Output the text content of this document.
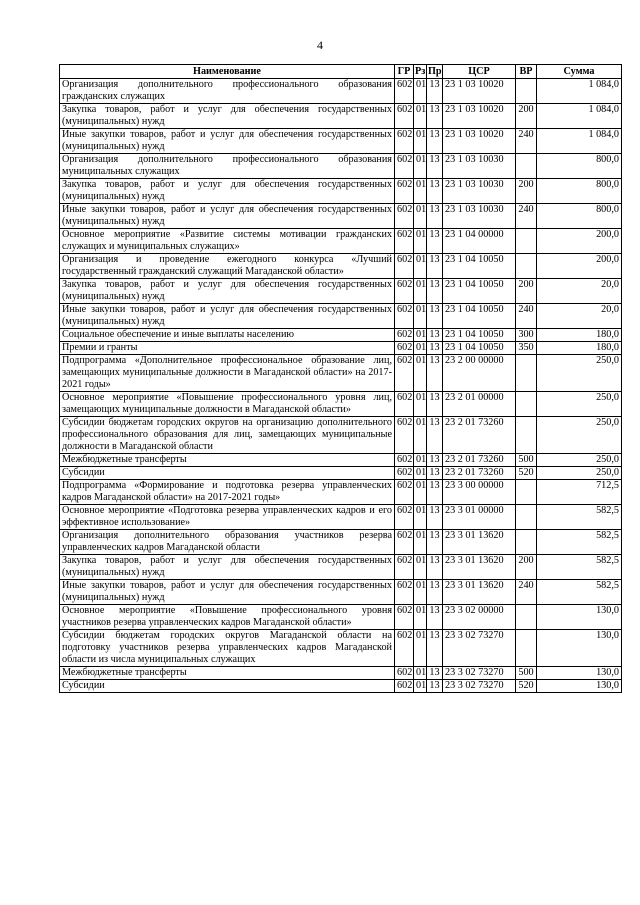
4
Наименование	ГР	Рз	Пр	ЦСР	ВР	Сумма
Организация дополнительного профессионального образования гражданских служащих	602	01	13	23 1 03 10020		1 084,0
Закупка товаров, работ и услуг для обеспечения государственных (муниципальных) нужд	602	01	13	23 1 03 10020	200	1 084,0
Иные закупки товаров, работ и услуг для обеспечения государственных (муниципальных) нужд	602	01	13	23 1 03 10020	240	1 084,0
Организация дополнительного профессионального образования муниципальных служащих	602	01	13	23 1 03 10030		800,0
Закупка товаров, работ и услуг для обеспечения государственных (муниципальных) нужд	602	01	13	23 1 03 10030	200	800,0
Иные закупки товаров, работ и услуг для обеспечения государственных (муниципальных) нужд	602	01	13	23 1 03 10030	240	800,0
Основное мероприятие «Развитие системы мотивации гражданских служащих и муниципальных служащих»	602	01	13	23 1 04 00000		200,0
Организация и проведение ежегодного конкурса «Лучший государственный гражданский служащий Магаданской области»	602	01	13	23 1 04 10050		200,0
Закупка товаров, работ и услуг для обеспечения государственных (муниципальных) нужд	602	01	13	23 1 04 10050	200	20,0
Иные закупки товаров, работ и услуг для обеспечения государственных (муниципальных) нужд	602	01	13	23 1 04 10050	240	20,0
Социальное обеспечение и иные выплаты населению	602	01	13	23 1 04 10050	300	180,0
Премии и гранты	602	01	13	23 1 04 10050	350	180,0
Подпрограмма «Дополнительное профессиональное образование лиц, замещающих муниципальные должности в Магаданской области» на 2017-2021 годы»	602	01	13	23 2 00 00000		250,0
Основное мероприятие «Повышение профессионального уровня лиц, замещающих муниципальные должности в Магаданской области»	602	01	13	23 2 01 00000		250,0
Субсидии бюджетам городских округов на организацию дополнительного профессионального образования для лиц, замещающих муниципальные должности в Магаданской области	602	01	13	23 2 01 73260		250,0
Межбюджетные трансферты	602	01	13	23 2 01 73260	500	250,0
Субсидии	602	01	13	23 2 01 73260	520	250,0
Подпрограмма «Формирование и подготовка резерва управленческих кадров Магаданской области» на 2017-2021 годы»	602	01	13	23 3 00 00000		712,5
Основное мероприятие «Подготовка резерва управленческих кадров и его эффективное использование»	602	01	13	23 3 01 00000		582,5
Организация дополнительного образования участников резерва управленческих кадров Магаданской области	602	01	13	23 3 01 13620		582,5
Закупка товаров, работ и услуг для обеспечения государственных (муниципальных) нужд	602	01	13	23 3 01 13620	200	582,5
Иные закупки товаров, работ и услуг для обеспечения государственных (муниципальных) нужд	602	01	13	23 3 01 13620	240	582,5
Основное мероприятие «Повышение профессионального уровня участников резерва управленческих кадров Магаданской области»	602	01	13	23 3 02 00000		130,0
Субсидии бюджетам городских округов Магаданской области на подготовку участников резерва управленческих кадров Магаданской области из числа муниципальных служащих	602	01	13	23 3 02 73270		130,0
Межбюджетные трансферты	602	01	13	23 3 02 73270	500	130,0
Субсидии	602	01	13	23 3 02 73270	520	130,0
